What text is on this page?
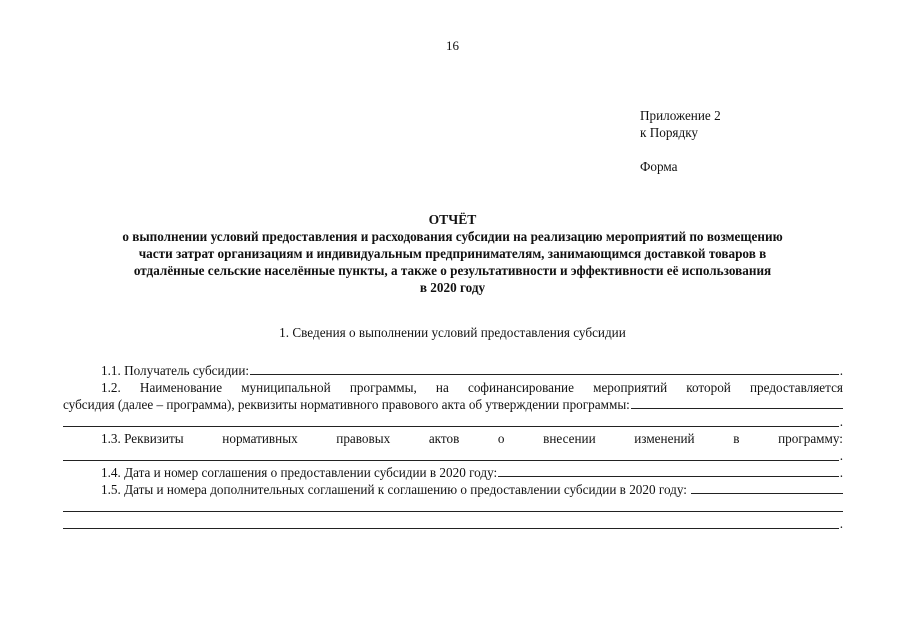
16
Приложение 2
к Порядку
Форма
ОТЧЁТ
о выполнении условий предоставления и расходования субсидии на реализацию мероприятий по возмещению
части затрат организациям и индивидуальным предпринимателям, занимающимся доставкой товаров в
отдалённые сельские населённые пункты, а также о результативности и эффективности её использования
в 2020 году
1. Сведения о выполнении условий предоставления субсидии
1.1. Получатель субсидии:	.
1.2. Наименование муниципальной программы, на софинансирование мероприятий которой предоставляется
субсидия (далее – программа), реквизиты нормативного правового акта об утверждении программы:
.
1.3. Реквизиты	нормативных	правовых	актов	о	внесении	изменений	в	программу:
.
1.4. Дата и номер соглашения о предоставлении субсидии в 2020 году:	.
1.5. Даты и номера дополнительных соглашений к соглашению о предоставлении субсидии в 2020 году:
.
